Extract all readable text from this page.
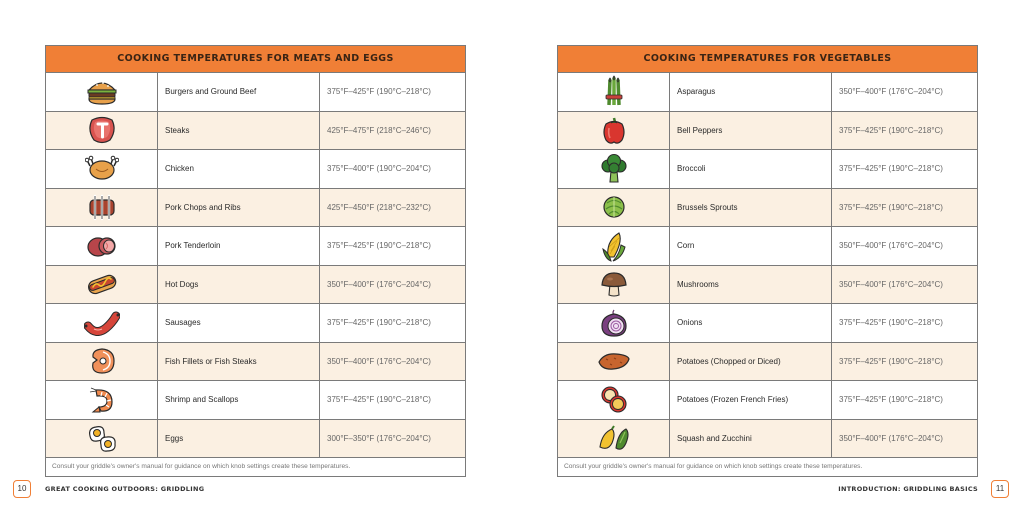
COOKING TEMPERATURES FOR MEATS AND EGGS
Burgers and Ground Beef	375°F–425°F (190°C–218°C)
Steaks	425°F–475°F (218°C–246°C)
Chicken	375°F–400°F (190°C–204°C)
Pork Chops and Ribs	425°F–450°F (218°C–232°C)
Pork Tenderloin	375°F–425°F (190°C–218°C)
Hot Dogs	350°F–400°F (176°C–204°C)
Sausages	375°F–425°F (190°C–218°C)
Fish Fillets or Fish Steaks	350°F–400°F (176°C–204°C)
Shrimp and Scallops	375°F–425°F (190°C–218°C)
Eggs	300°F–350°F (176°C–204°C)
Consult your griddle's owner's manual for guidance on which knob settings create these temperatures.
COOKING TEMPERATURES FOR VEGETABLES
Asparagus	350°F–400°F (176°C–204°C)
Bell Peppers	375°F–425°F (190°C–218°C)
Broccoli	375°F–425°F (190°C–218°C)
Brussels Sprouts	375°F–425°F (190°C–218°C)
Corn	350°F–400°F (176°C–204°C)
Mushrooms	350°F–400°F (176°C–204°C)
Onions	375°F–425°F (190°C–218°C)
Potatoes (Chopped or Diced)	375°F–425°F (190°C–218°C)
Potatoes (Frozen French Fries)	375°F–425°F (190°C–218°C)
Squash and Zucchini	350°F–400°F (176°C–204°C)
Consult your griddle's owner's manual for guidance on which knob settings create these temperatures.
10	GREAT COOKING OUTDOORS: GRIDDLING	INTRODUCTION: GRIDDLING BASICS	11
